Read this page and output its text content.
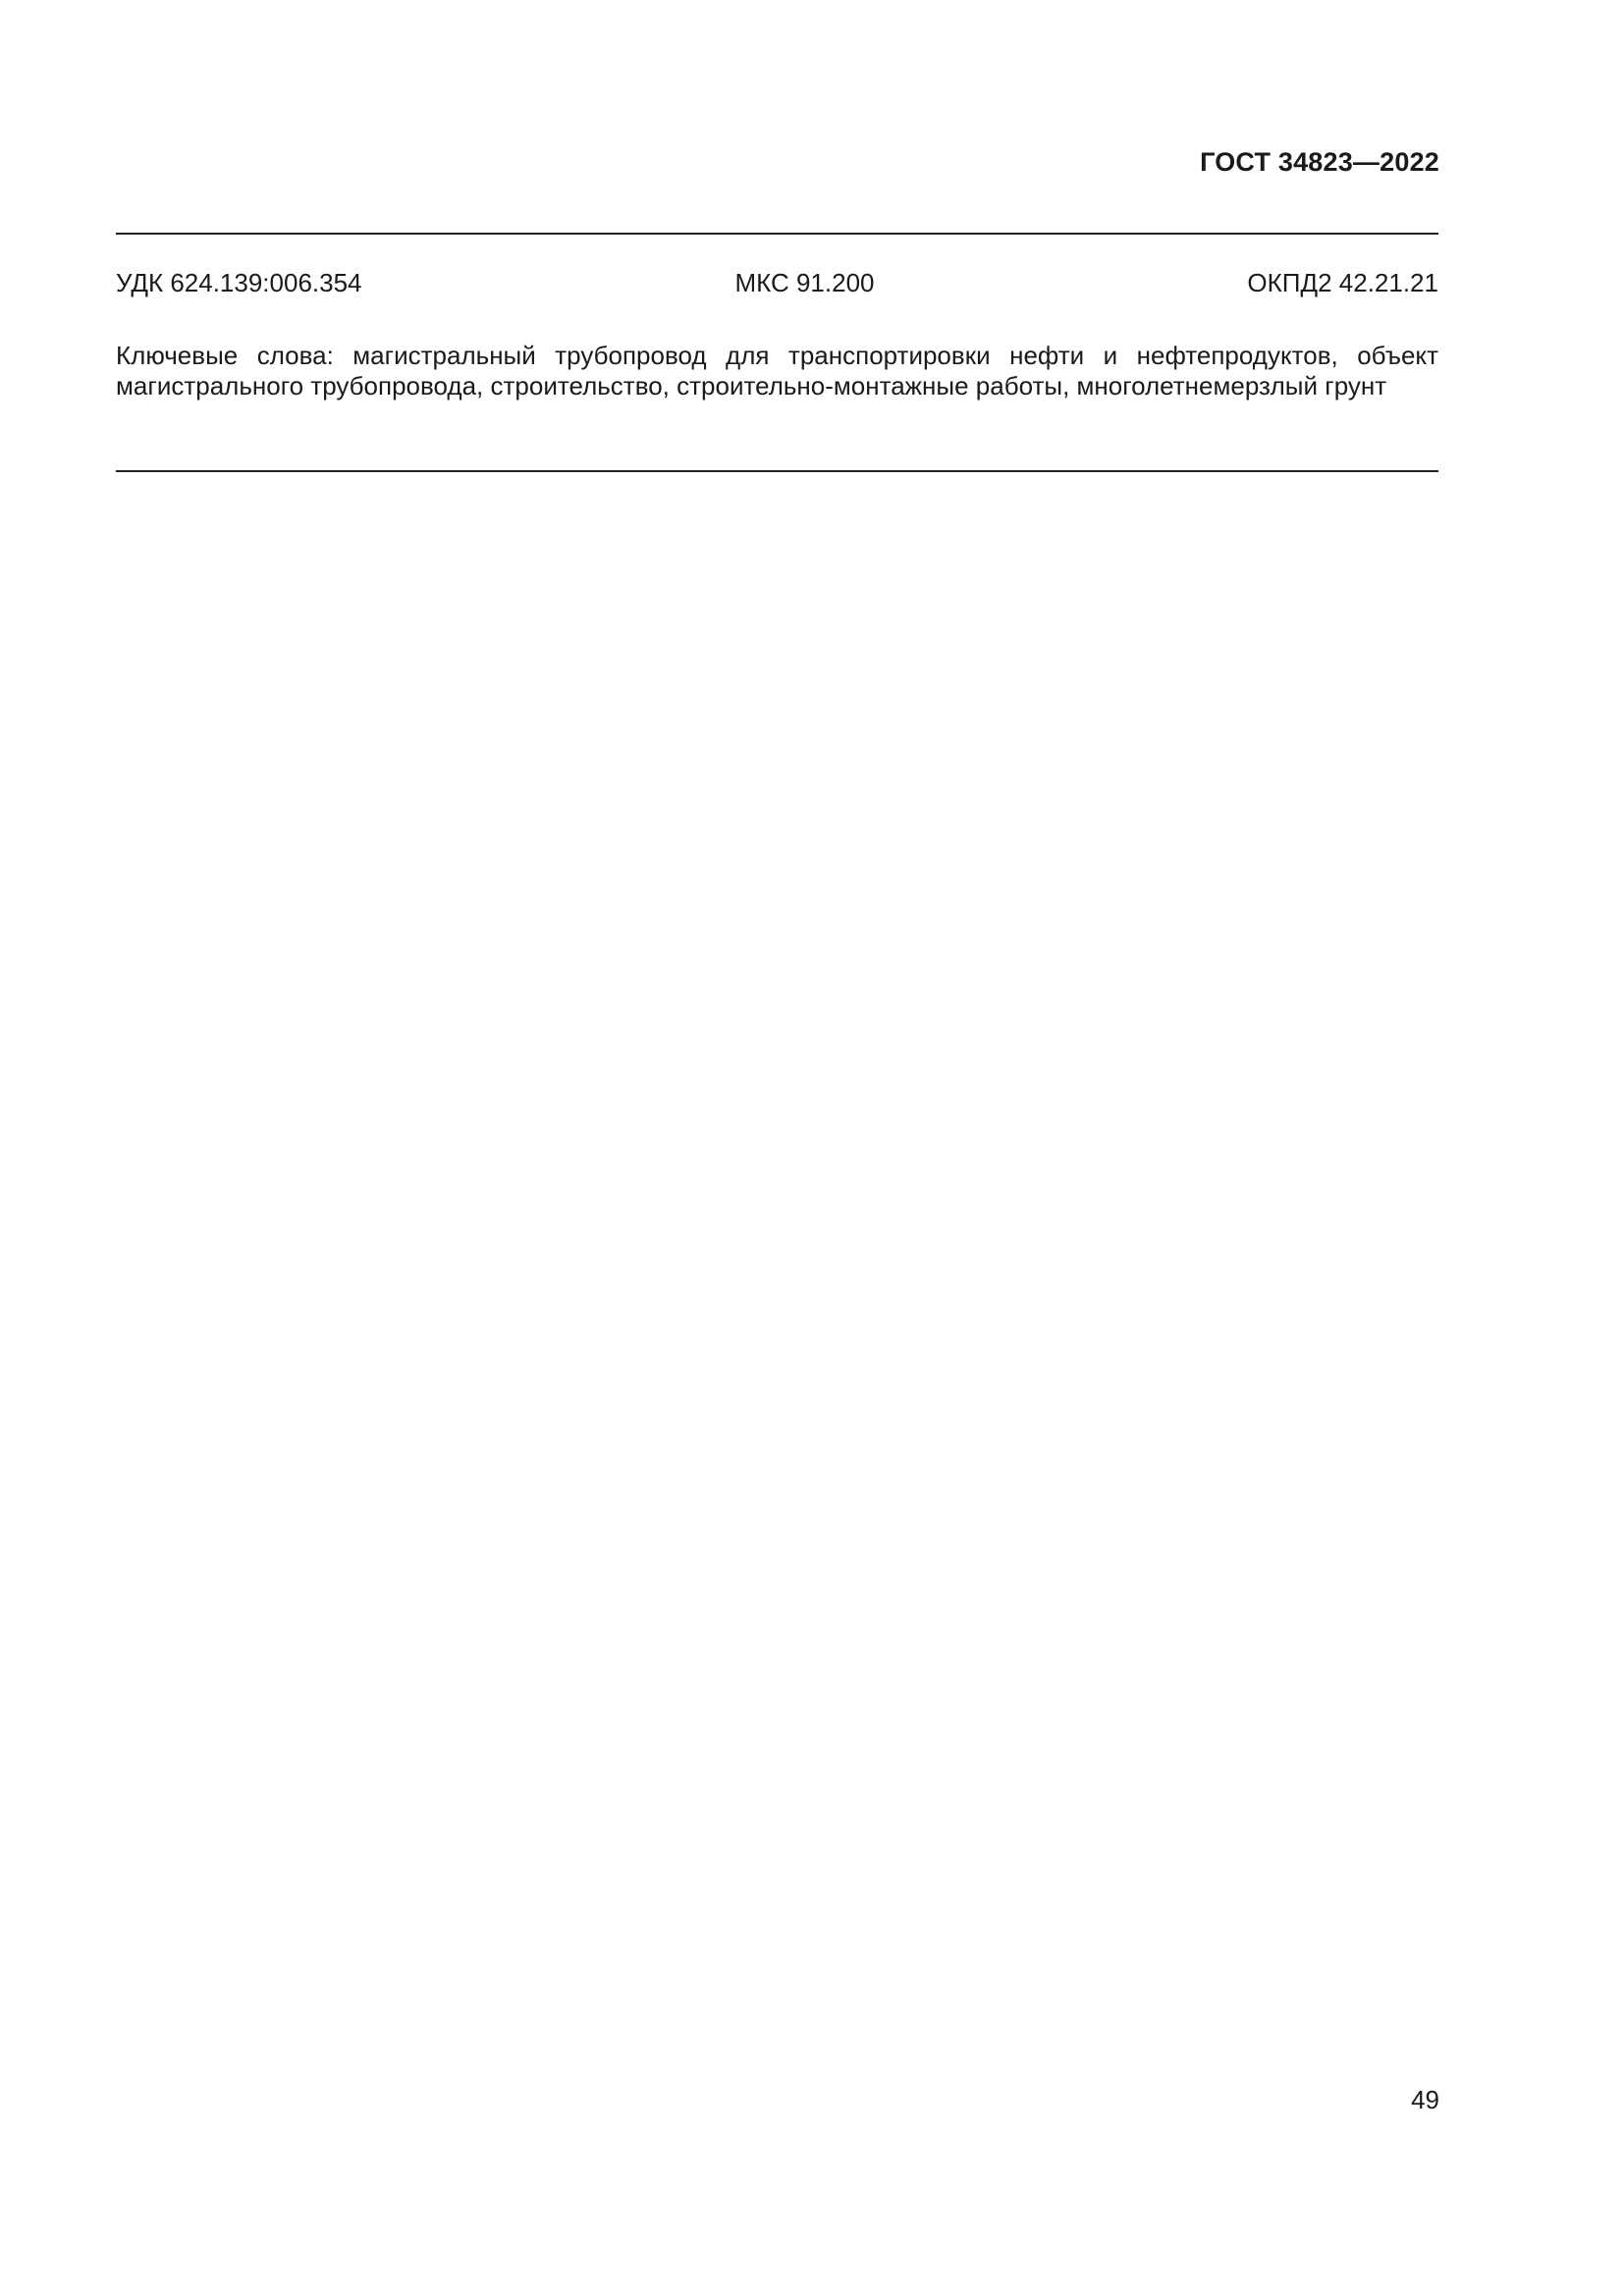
ГОСТ 34823—2022
УДК 624.139:006.354	МКС 91.200	ОКПД2 42.21.21

Ключевые слова: магистральный трубопровод для транспортировки нефти и нефтепродуктов, объект магистрального трубопровода, строительство, строительно-монтажные работы, многолетнемерзлый грунт

49
